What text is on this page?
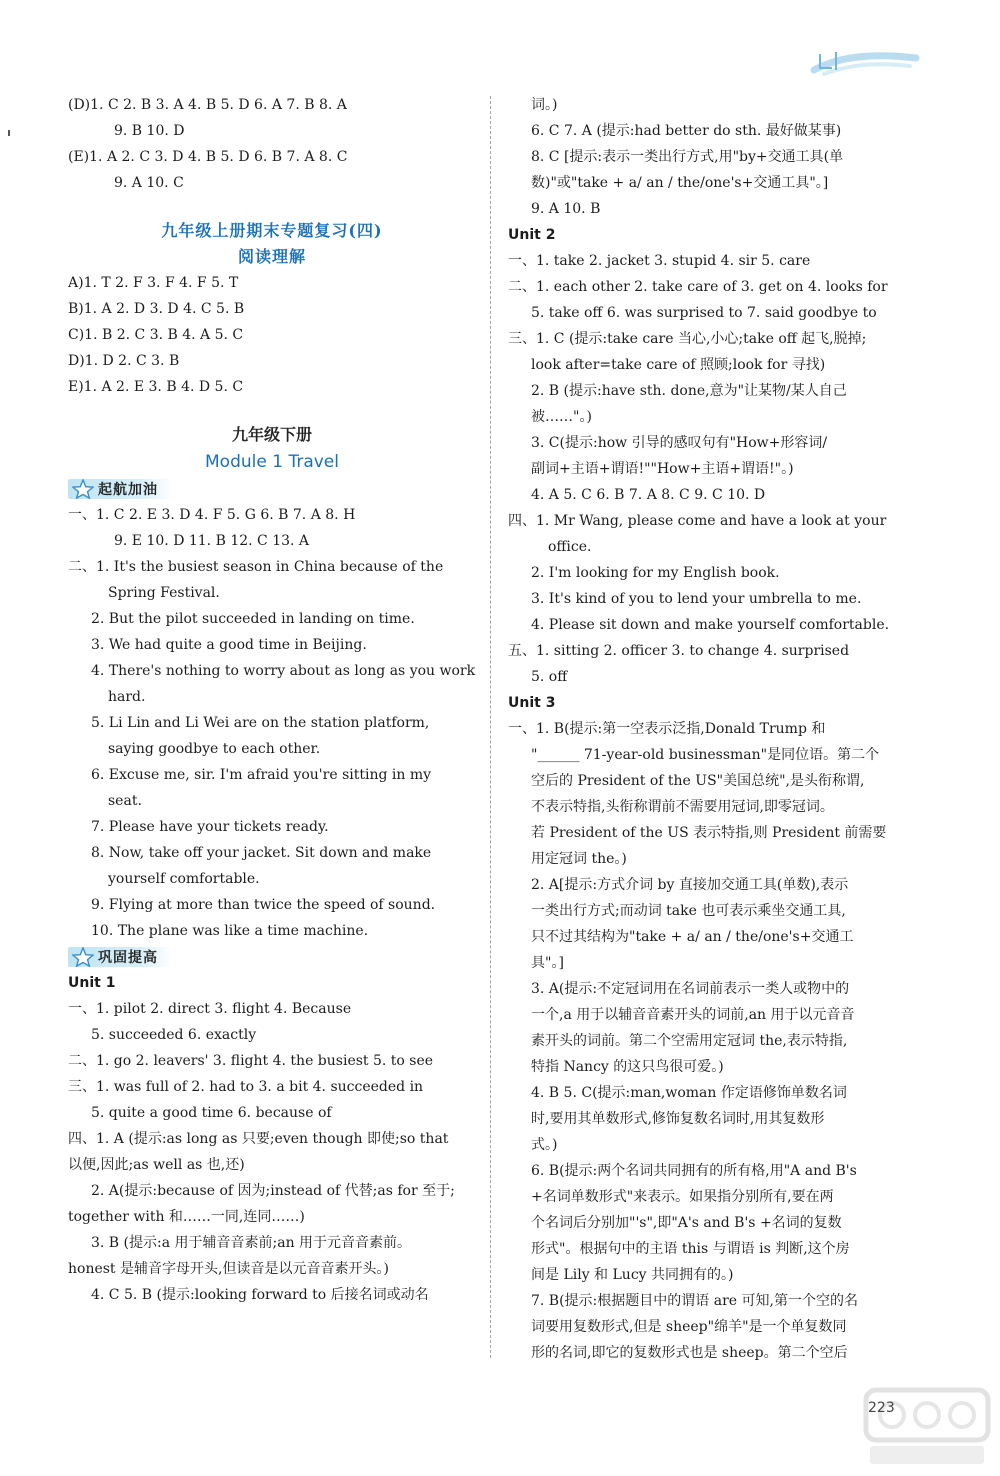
(D)1. C 2. B 3. A 4. B 5. D 6. A 7. B 8. A
9. B 10. D
(E)1. A 2. C 3. D 4. B 5. D 6. B 7. A 8. C
9. A 10. C
九年级上册期末专题复习(四)
阅读理解
A)1. T 2. F 3. F 4. F 5. T
B)1. A 2. D 3. D 4. C 5. B
C)1. B 2. C 3. B 4. A 5. C
D)1. D 2. C 3. B
E)1. A 2. E 3. B 4. D 5. C
九年级下册
Module 1 Travel
起航加油
一、1. C 2. E 3. D 4. F 5. G 6. B 7. A 8. H
9. E 10. D 11. B 12. C 13. A
二、1. It's the busiest season in China because of the
Spring Festival.
2. But the pilot succeeded in landing on time.
3. We had quite a good time in Beijing.
4. There's nothing to worry about as long as you work
hard.
5. Li Lin and Li Wei are on the station platform,
saying goodbye to each other.
6. Excuse me, sir. I'm afraid you're sitting in my
seat.
7. Please have your tickets ready.
8. Now, take off your jacket. Sit down and make
yourself comfortable.
9. Flying at more than twice the speed of sound.
10. The plane was like a time machine.
巩固提高
Unit 1
一、1. pilot 2. direct 3. flight 4. Because
5. succeeded 6. exactly
二、1. go 2. leavers' 3. flight 4. the busiest 5. to see
三、1. was full of 2. had to 3. a bit 4. succeeded in
5. quite a good time 6. because of
四、1. A (提示:as long as 只要;even though 即使;so that
以便,因此;as well as 也,还)
2. A(提示:because of 因为;instead of 代替;as for 至于;
together with 和……一同,连同……)
3. B (提示:a 用于辅音音素前;an 用于元音音素前。
honest 是辅音字母开头,但读音是以元音音素开头。)
4. C 5. B (提示:looking forward to 后接名词或动名
词。)
6. C 7. A (提示:had better do sth. 最好做某事)
8. C [提示:表示一类出行方式,用"by+交通工具(单
数)"或"take + a/ an / the/one's+交通工具"。]
9. A 10. B
Unit 2
一、1. take 2. jacket 3. stupid 4. sir 5. care
二、1. each other 2. take care of 3. get on 4. looks for
5. take off 6. was surprised to 7. said goodbye to
三、1. C (提示:take care 当心,小心;take off 起飞,脱掉;
look after=take care of 照顾;look for 寻找)
2. B (提示:have sth. done,意为"让某物/某人自己
被……"。)
3. C(提示:how 引导的感叹句有"How+形容词/
副词+主语+谓语!""How+主语+谓语!"。)
4. A 5. C 6. B 7. A 8. C 9. C 10. D
四、1. Mr Wang, please come and have a look at your
office.
2. I'm looking for my English book.
3. It's kind of you to lend your umbrella to me.
4. Please sit down and make yourself comfortable.
五、1. sitting 2. officer 3. to change 4. surprised
5. off
Unit 3
一、1. B(提示:第一空表示泛指,Donald Trump 和
"______ 71-year-old businessman"是同位语。第二个
空后的 President of the US"美国总统",是头衔称谓,
不表示特指,头衔称谓前不需要用冠词,即零冠词。
若 President of the US 表示特指,则 President 前需要
用定冠词 the。)
2. A[提示:方式介词 by 直接加交通工具(单数),表示
一类出行方式;而动词 take 也可表示乘坐交通工具,
只不过其结构为"take + a/ an / the/one's+交通工
具"。]
3. A(提示:不定冠词用在名词前表示一类人或物中的
一个,a 用于以辅音音素开头的词前,an 用于以元音音
素开头的词前。第二个空需用定冠词 the,表示特指,
特指 Nancy 的这只鸟很可爱。)
4. B 5. C(提示:man,woman 作定语修饰单数名词
时,要用其单数形式,修饰复数名词时,用其复数形
式。)
6. B(提示:两个名词共同拥有的所有格,用"A and B's
+名词单数形式"来表示。如果指分别所有,要在两
个名词后分别加"'s",即"A's and B's +名词的复数
形式"。根据句中的主语 this 与谓语 is 判断,这个房
间是 Lily 和 Lucy 共同拥有的。)
7. B(提示:根据题目中的谓语 are 可知,第一个空的名
词要用复数形式,但是 sheep"绵羊"是一个单复数同
形的名词,即它的复数形式也是 sheep。第二个空后
223
